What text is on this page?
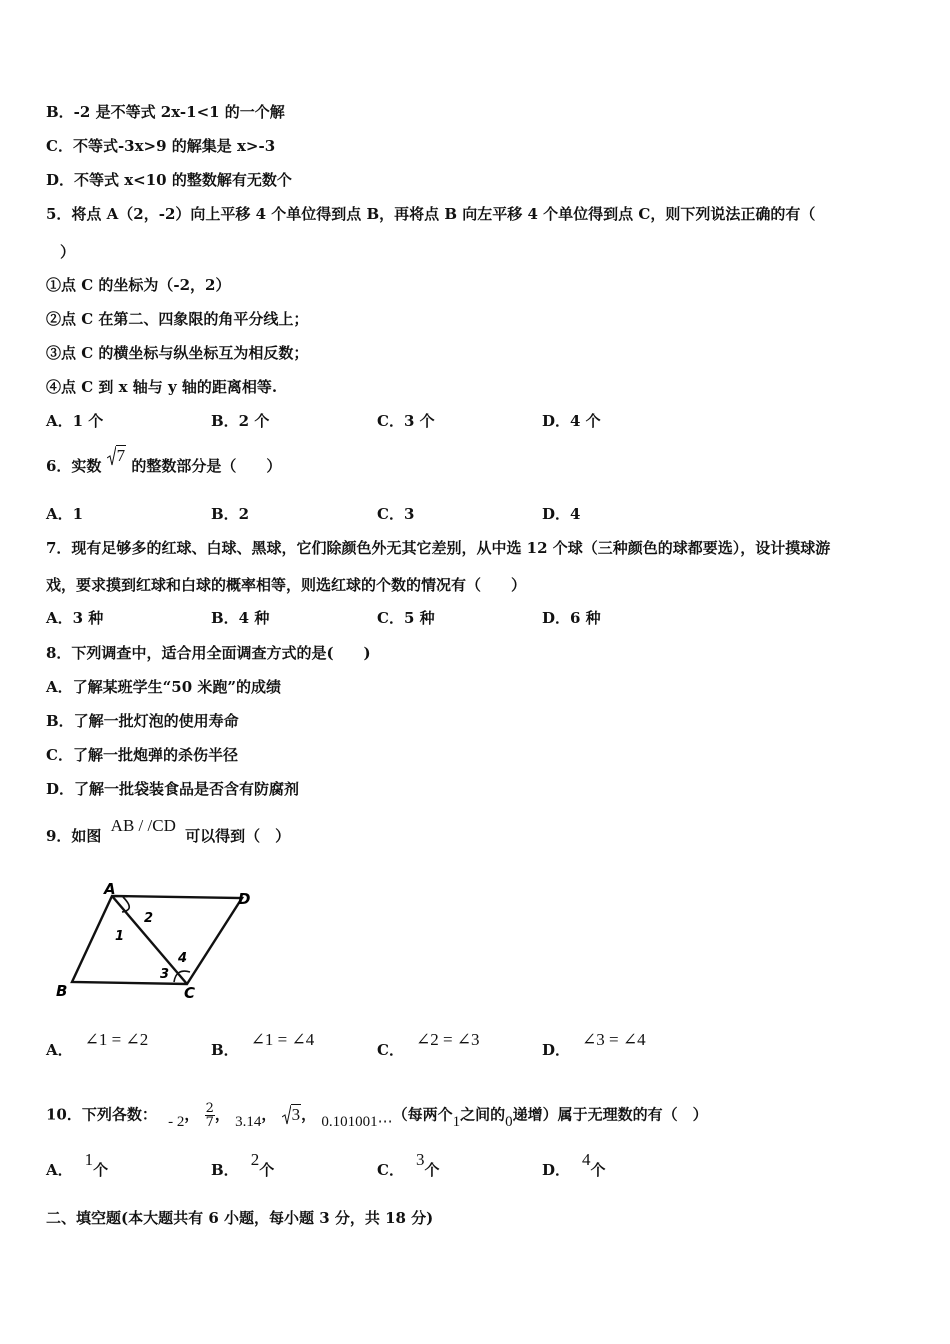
B．-2 是不等式 2x-1<1 的一个解
C．不等式-3x>9 的解集是 x>-3
D．不等式 x<10 的整数解有无数个
5．将点 A（2，-2）向上平移 4 个单位得到点 B，再将点 B 向左平移 4 个单位得到点 C，则下列说法正确的有（
）
①点 C 的坐标为（-2，2）
②点 C 在第二、四象限的角平分线上；
③点 C 的横坐标与纵坐标互为相反数；
④点 C 到 x 轴与 y 轴的距离相等.
A．1 个	B．2 个	C．3 个	D．4 个
6．实数
7 的整数部分是（　　）
A．1	B．2	C．3	D．4
7．现有足够多的红球、白球、黑球，它们除颜色外无其它差别，从中选 12 个球（三种颜色的球都要选），设计摸球游
戏，要求摸到红球和白球的概率相等，则选红球的个数的情况有（　　）
A．3 种	B．4 种	C．5 种	D．6 种
8．下列调查中，适合用全面调查方式的是(　　)
A．了解某班学生“50 米跑”的成绩
B．了解一批灯泡的使用寿命
C．了解一批炮弹的杀伤半径
D．了解一批袋装食品是否含有防腐剂
9．如图 AB / /CD 可以得到（　）
A
D
B	C
1
2
3
4
A．∠1 = ∠2
B．∠1 = ∠4
C．∠2 = ∠3
D．∠3 = ∠4
10．下列各数： - 2， $\frac{2}{7}$ ， 3.14， 3， 0.101001⋯（每两个1之间的0递增）属于无理数的有（　）
A．1个	B．2个	C．3个	D．4个
二、填空题(本大题共有 6 小题，每小题 3 分，共 18 分)
